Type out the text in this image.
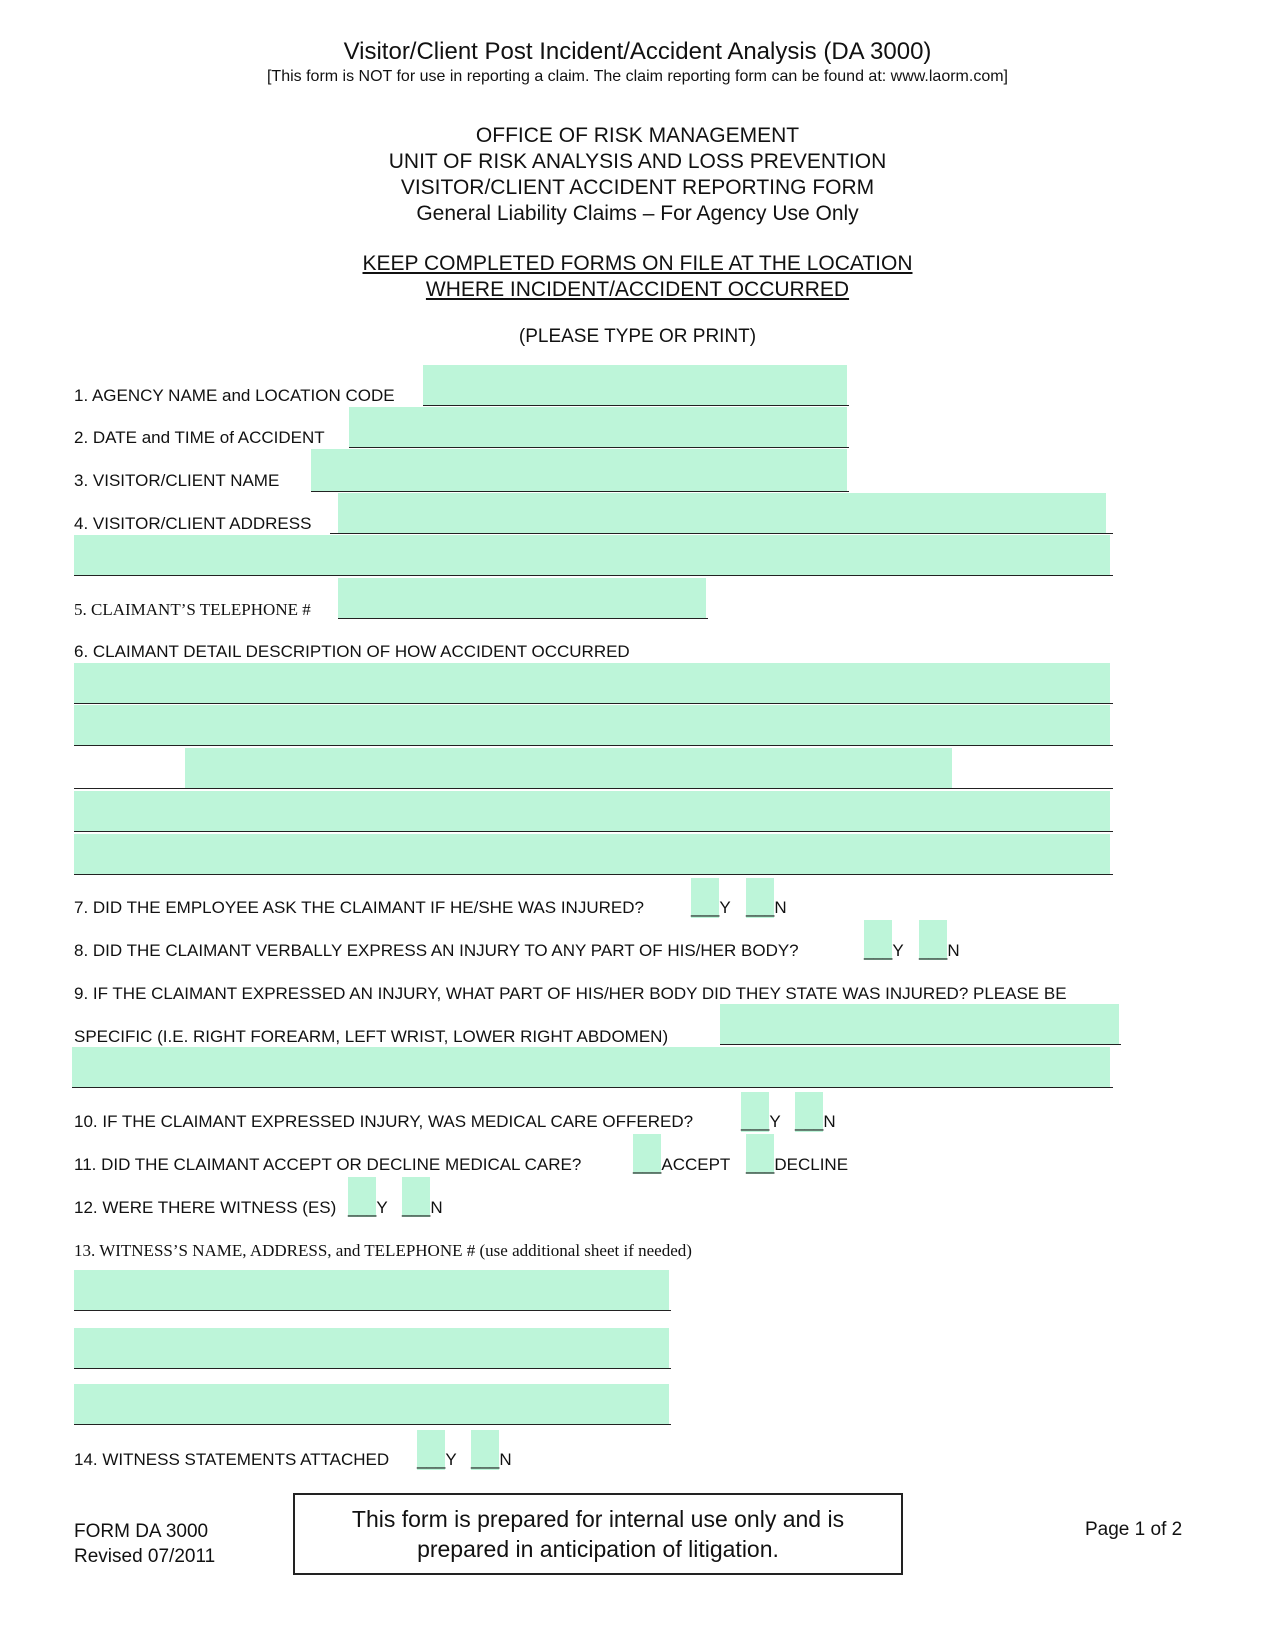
Visitor/Client Post Incident/Accident Analysis (DA 3000)
[This form is NOT for use in reporting a claim. The claim reporting form can be found at: www.laorm.com]
OFFICE OF RISK MANAGEMENT
UNIT OF RISK ANALYSIS AND LOSS PREVENTION
VISITOR/CLIENT ACCIDENT REPORTING FORM
General Liability Claims – For Agency Use Only
KEEP COMPLETED FORMS ON FILE AT THE LOCATION
WHERE INCIDENT/ACCIDENT OCCURRED
(PLEASE TYPE OR PRINT)
1. AGENCY NAME and LOCATION CODE
2. DATE and TIME of ACCIDENT
3. VISITOR/CLIENT NAME
4. VISITOR/CLIENT ADDRESS
5. CLAIMANT’S TELEPHONE #
6. CLAIMANT DETAIL DESCRIPTION OF HOW ACCIDENT OCCURRED
7. DID THE EMPLOYEE ASK THE CLAIMANT IF HE/SHE WAS INJURED?	___Y ___N
8. DID THE CLAIMANT VERBALLY EXPRESS AN INJURY TO ANY PART OF HIS/HER BODY?	___Y ___N
9. IF THE CLAIMANT EXPRESSED AN INJURY, WHAT PART OF HIS/HER BODY DID THEY STATE WAS INJURED? PLEASE BE
SPECIFIC (I.E. RIGHT FOREARM, LEFT WRIST, LOWER RIGHT ABDOMEN)
10. IF THE CLAIMANT EXPRESSED INJURY, WAS MEDICAL CARE OFFERED?	___Y ___N
11. DID THE CLAIMANT ACCEPT OR DECLINE MEDICAL CARE?	___ACCEPT ___DECLINE
12. WERE THERE WITNESS (ES) ___Y ___N
13. WITNESS’S NAME, ADDRESS, and TELEPHONE # (use additional sheet if needed)
14. WITNESS STATEMENTS ATTACHED ___Y ___N
FORM DA 3000
Revised 07/2011
This form is prepared for internal use only and is
prepared in anticipation of litigation.
Page 1 of 2
